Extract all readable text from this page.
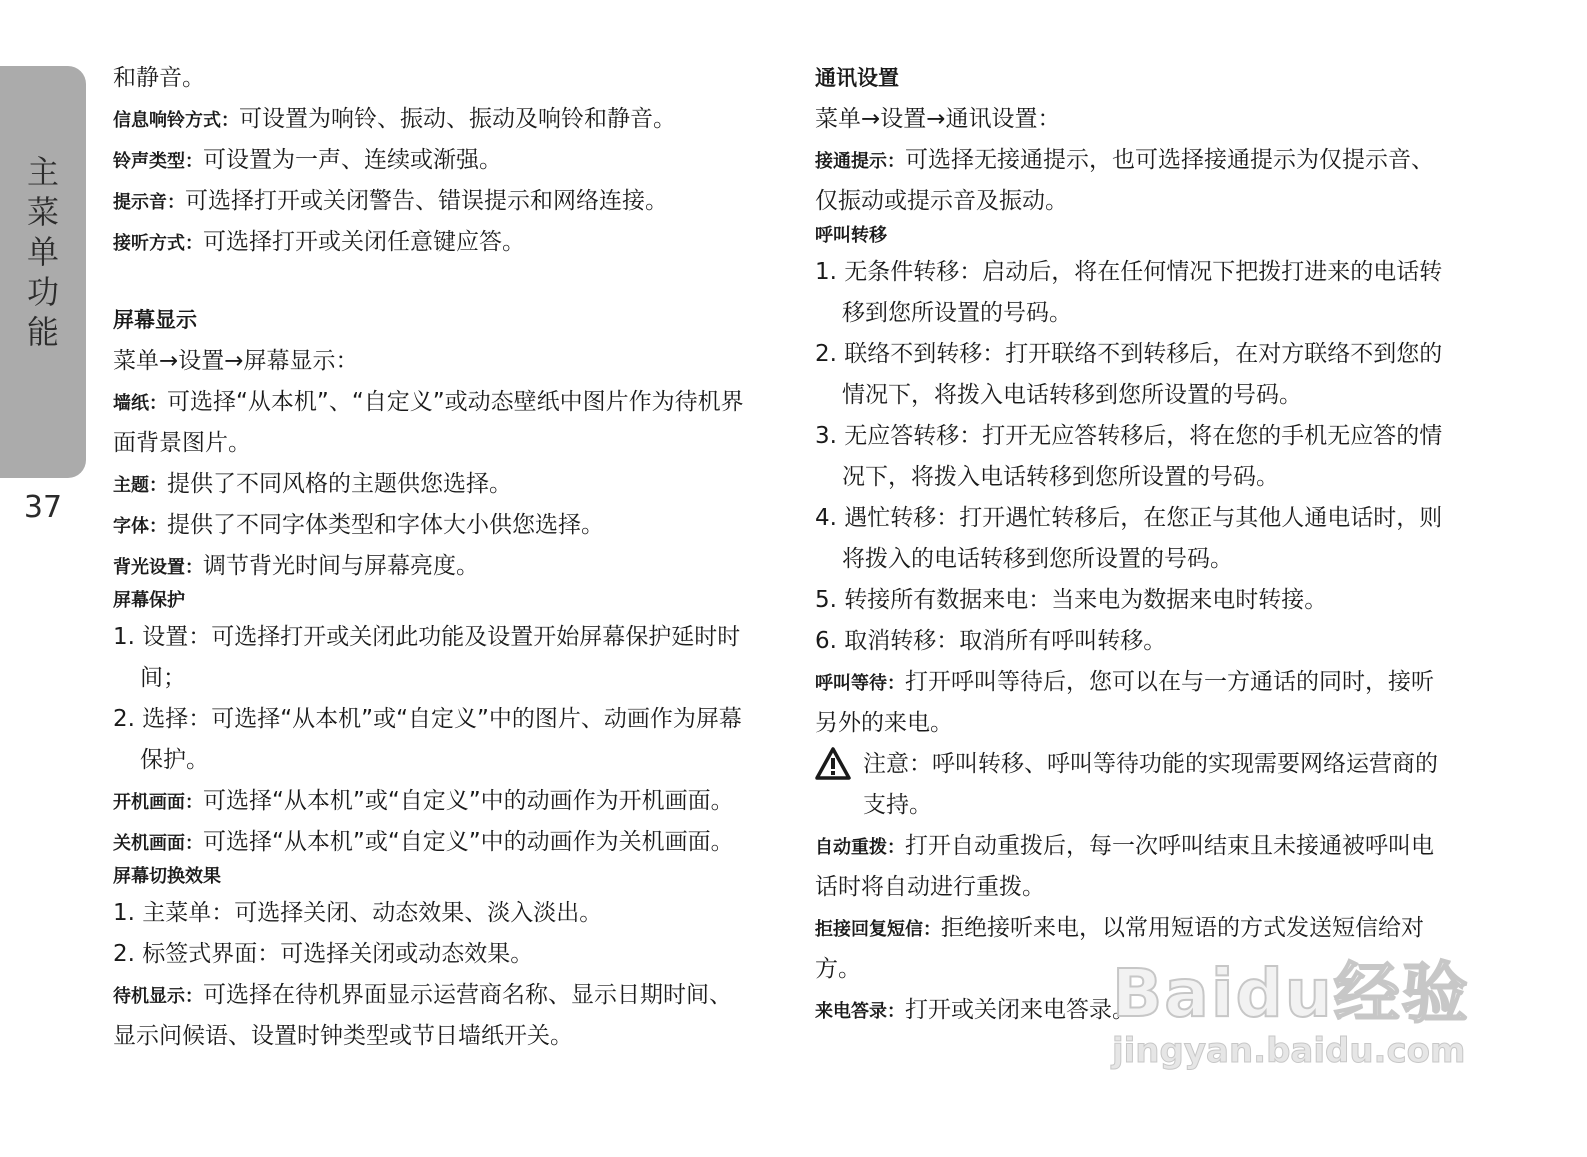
主菜单功能
37
和静音。
信息响铃方式：可设置为响铃、振动、振动及响铃和静音。
铃声类型：可设置为一声、连续或渐强。
提示音：可选择打开或关闭警告、错误提示和网络连接。
接听方式：可选择打开或关闭任意键应答。
屏幕显示
菜单→设置→屏幕显示：
墙纸：可选择“从本机”、“自定义”或动态壁纸中图片作为待机界
面背景图片。
主题：提供了不同风格的主题供您选择。
字体：提供了不同字体类型和字体大小供您选择。
背光设置：调节背光时间与屏幕亮度。
屏幕保护
1. 设置：可选择打开或关闭此功能及设置开始屏幕保护延时时
间；
2. 选择：可选择“从本机”或“自定义”中的图片、动画作为屏幕
保护。
开机画面：可选择“从本机”或“自定义”中的动画作为开机画面。
关机画面：可选择“从本机”或“自定义”中的动画作为关机画面。
屏幕切换效果
1. 主菜单：可选择关闭、动态效果、淡入淡出。
2. 标签式界面：可选择关闭或动态效果。
待机显示：可选择在待机界面显示运营商名称、显示日期时间、
显示问候语、设置时钟类型或节日墙纸开关。
通讯设置
菜单→设置→通讯设置：
接通提示：可选择无接通提示，也可选择接通提示为仅提示音、
仅振动或提示音及振动。
呼叫转移
1. 无条件转移：启动后，将在任何情况下把拨打进来的电话转
移到您所设置的号码。
2. 联络不到转移：打开联络不到转移后，在对方联络不到您的
情况下，将拨入电话转移到您所设置的号码。
3. 无应答转移：打开无应答转移后，将在您的手机无应答的情
况下，将拨入电话转移到您所设置的号码。
4. 遇忙转移：打开遇忙转移后，在您正与其他人通电话时，则
将拨入的电话转移到您所设置的号码。
5. 转接所有数据来电：当来电为数据来电时转接。
6. 取消转移：取消所有呼叫转移。
呼叫等待：打开呼叫等待后，您可以在与一方通话的同时，接听
另外的来电。
注意：呼叫转移、呼叫等待功能的实现需要网络运营商的
支持。
自动重拨：打开自动重拨后，每一次呼叫结束且未接通被呼叫电
话时将自动进行重拨。
拒接回复短信：拒绝接听来电，以常用短语的方式发送短信给对
方。
来电答录：打开或关闭来电答录。
Baidu经验
jingyan.baidu.com
